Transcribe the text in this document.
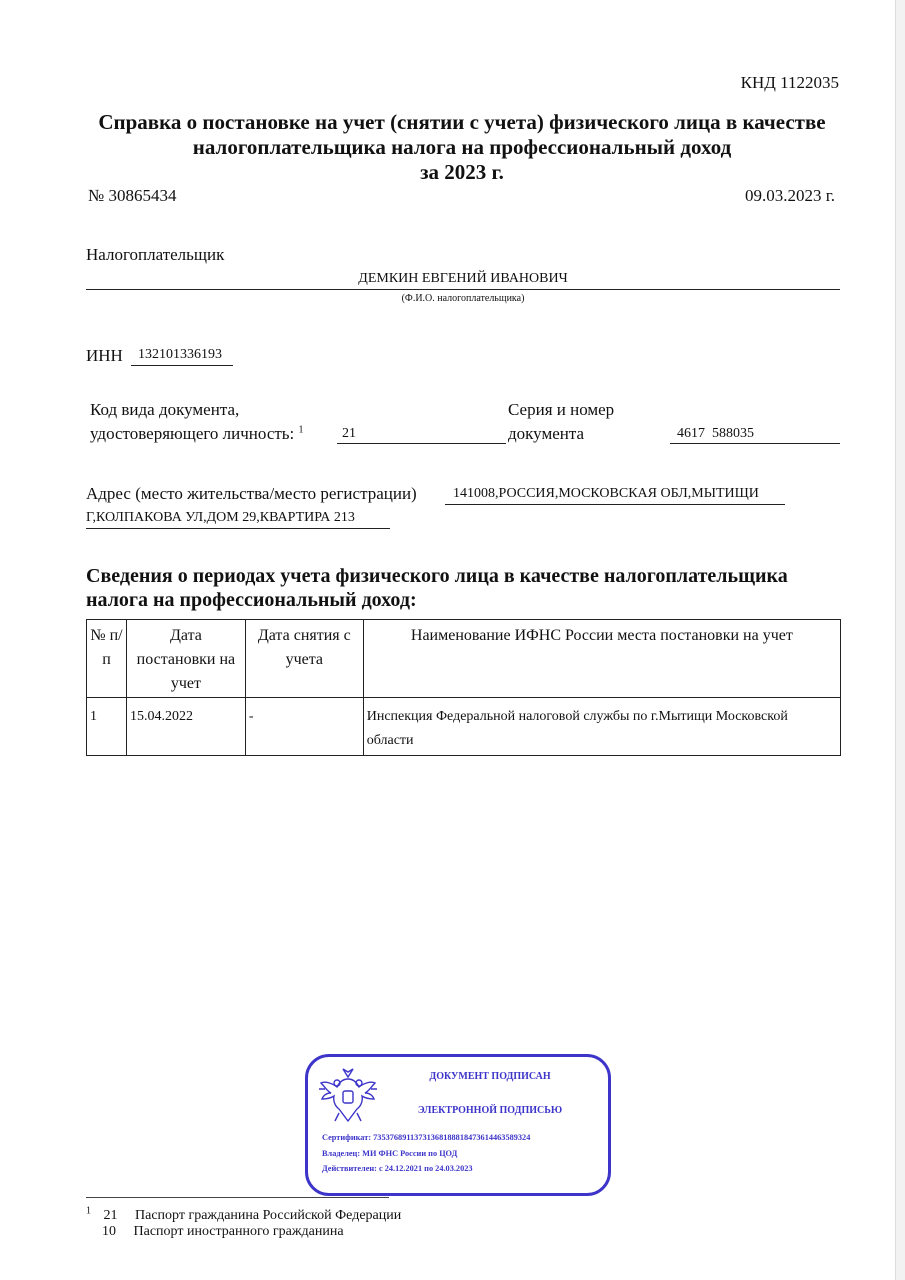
КНД 1122035
Справка о постановке на учет (снятии с учета) физического лица в качестве
налогоплательщика налога на профессиональный доход
за 2023 г.
№ 30865434	09.03.2023 г.
Налогоплательщик
ДЕМКИН ЕВГЕНИЙ ИВАНОВИЧ
(Ф.И.О. налогоплательщика)
ИНН 132101336193
Код вида документа,
удостоверяющего личность: $^1$	21
Серия и номер
документа	4617  588035
Адрес (место жительства/место регистрации)	141008,РОССИЯ,МОСКОВСКАЯ ОБЛ,МЫТИЩИ
Г,КОЛПАКОВА УЛ,ДОМ 29,КВАРТИРА 213
Сведения о периодах учета физического лица в качестве налогоплательщика налога на профессиональный доход:
№ п/п	Дата постановки на учет	Дата снятия с учета	Наименование ИФНС России места постановки на учет
1	15.04.2022	-	Инспекция Федеральной налоговой службы по г.Мытищи Московской области
ДОКУМЕНТ ПОДПИСАН
ЭЛЕКТРОННОЙ ПОДПИСЬЮ
Сертификат: 7353768911373136818881847361446358932​4
Владелец: МИ ФНС России по ЦОД
Действителен: с 24.12.2021 по 24.03.2023
$^1$ 21 Паспорт гражданина Российской Федерации
10 Паспорт иностранного гражданина
